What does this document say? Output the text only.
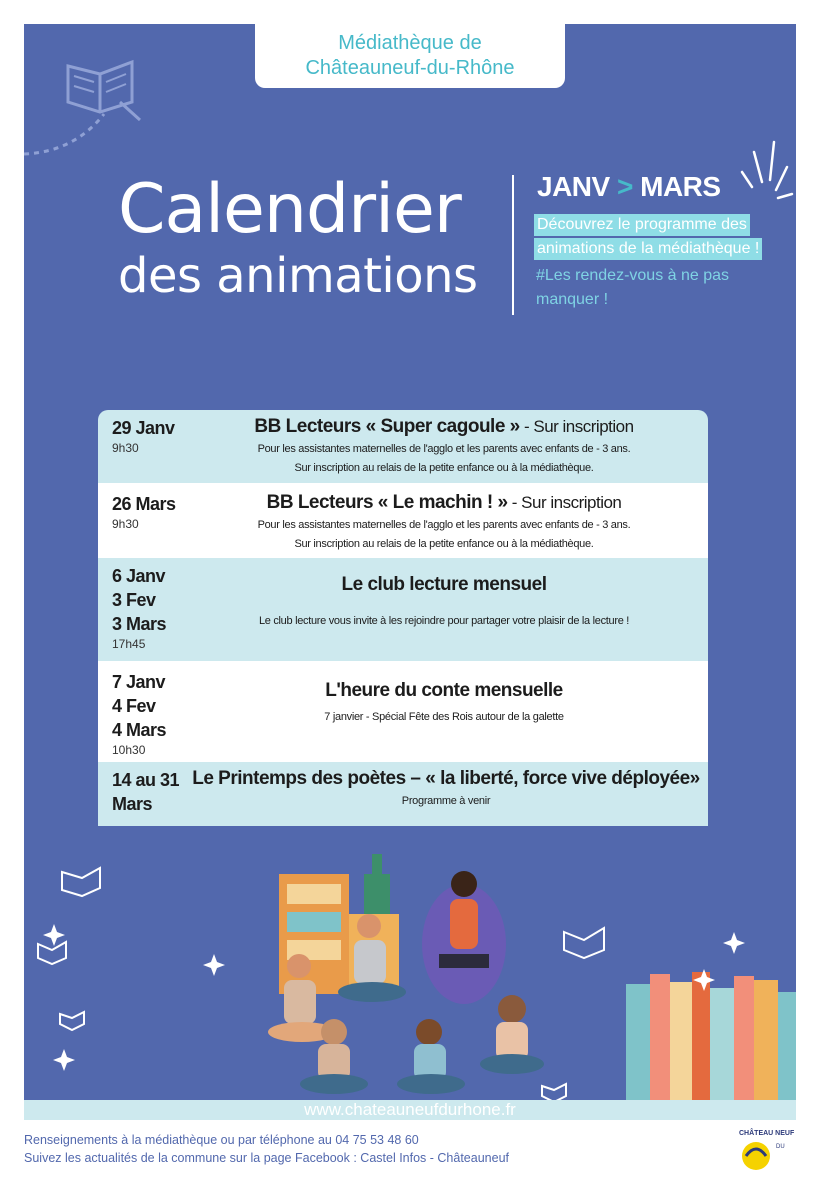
Médiathèque de
Châteauneuf-du-Rhône
Calendrier
des animations
JANV > MARS
Découvrez le programme des
animations de la médiathèque !
#Les rendez-vous à ne pas manquer !
29 Janv
9h30
BB Lecteurs « Super cagoule » - Sur inscription
Pour les assistantes maternelles de l'agglo et les parents avec enfants de - 3 ans.
Sur inscription au relais de la petite enfance ou à la médiathèque.
26 Mars
9h30
BB Lecteurs « Le machin ! » - Sur inscription
Pour les assistantes maternelles de l'agglo et les parents avec enfants de - 3 ans.
Sur inscription au relais de la petite enfance ou à la médiathèque.
6 Janv
3 Fev
3 Mars
17h45
Le club lecture mensuel
Le club lecture vous invite à les rejoindre pour partager votre plaisir de la lecture !
7 Janv
4 Fev
4 Mars
10h30
L'heure du conte mensuelle
7 janvier - Spécial Fête des Rois autour de la galette
14 au 31
Mars
Le Printemps des poètes – « la liberté, force vive déployée»
Programme à venir
www.chateauneufdurhone.fr
Renseignements à la médiathèque ou par téléphone au 04 75 53 48 60
Suivez les actualités de la commune sur la page Facebook : Castel Infos - Châteauneuf
CHÂTEAU NEUF
DU
